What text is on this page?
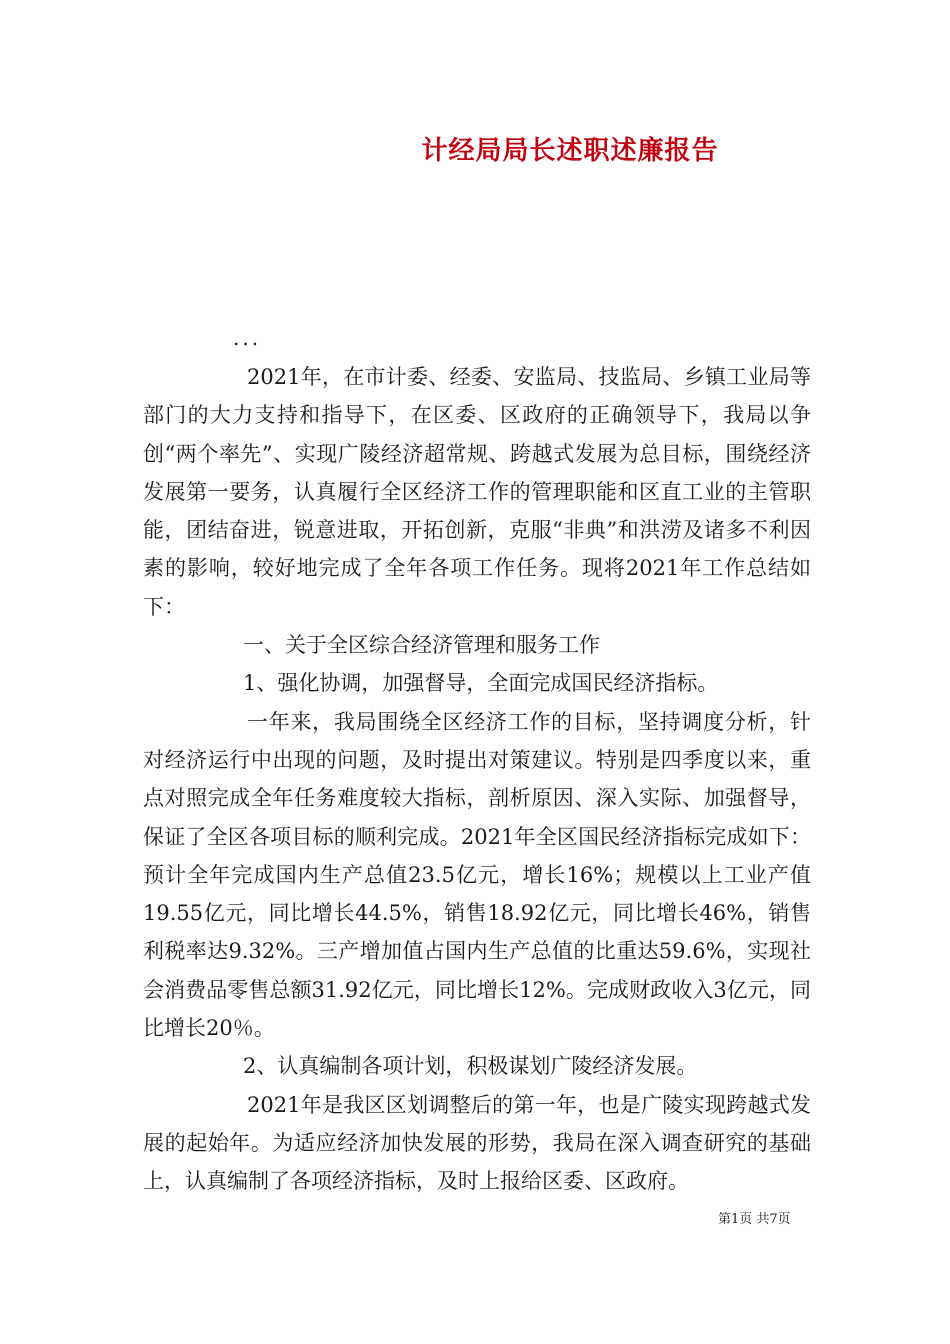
计经局局长述职述廉报告
...

2021年，在市计委、经委、安监局、技监局、乡镇工业局等部门的大力支持和指导下，在区委、区政府的正确领导下，我局以争创“两个率先”、实现广陵经济超常规、跨越式发展为总目标，围绕经济发展第一要务，认真履行全区经济工作的管理职能和区直工业的主管职能，团结奋进，锐意进取，开拓创新，克服“非典”和洪涝及诸多不利因素的影响，较好地完成了全年各项工作任务。现将2021年工作总结如下：

一、关于全区综合经济管理和服务工作

1、强化协调，加强督导，全面完成国民经济指标。

一年来，我局围绕全区经济工作的目标，坚持调度分析，针对经济运行中出现的问题，及时提出对策建议。特别是四季度以来，重点对照完成全年任务难度较大指标，剖析原因、深入实际、加强督导，保证了全区各项目标的顺利完成。2021年全区国民经济指标完成如下：预计全年完成国内生产总值23.5亿元，增长16%；规模以上工业产值19.55亿元，同比增长44.5%，销售18.92亿元，同比增长46%，销售利税率达9.32%。三产增加值占国内生产总值的比重达59.6%，实现社会消费品零售总额31.92亿元，同比增长12%。完成财政收入3亿元，同比增长20％。

2、认真编制各项计划，积极谋划广陵经济发展。

2021年是我区区划调整后的第一年，也是广陵实现跨越式发展的起始年。为适应经济加快发展的形势，我局在深入调查研究的基础上，认真编制了各项经济指标，及时上报给区委、区政府。

第1页 共7页
